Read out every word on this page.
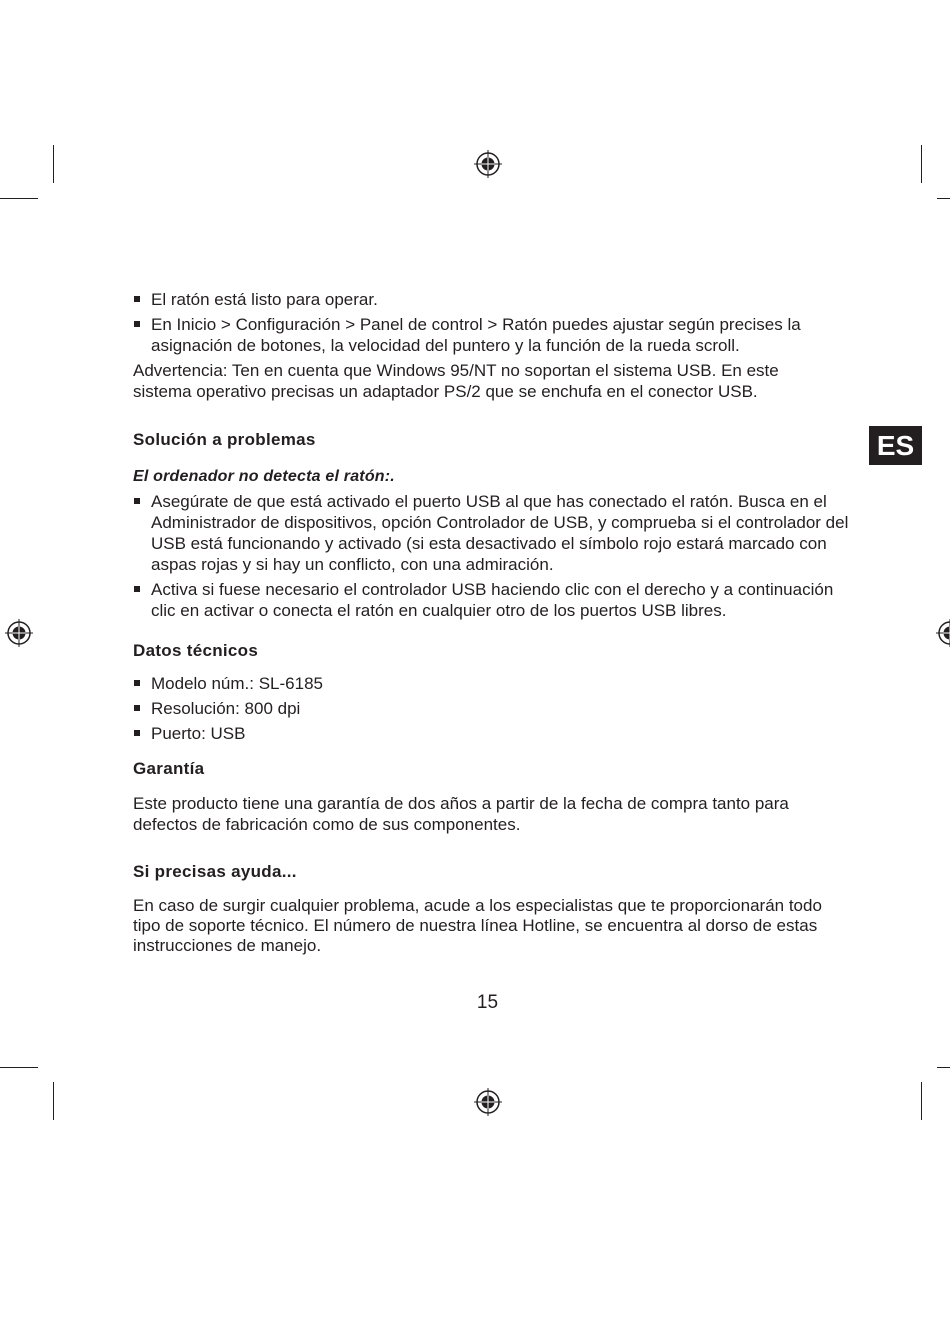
ES
El ratón está listo para operar.
En Inicio > Configuración > Panel de control > Ratón puedes ajustar según precises la asignación de botones, la velocidad del puntero y la función de la rueda scroll.
Advertencia: Ten en cuenta que Windows 95/NT no soportan el sistema USB. En este sistema operativo precisas un adaptador PS/2 que se enchufa en el conector USB.
Solución a problemas
El ordenador no detecta el ratón:.
Asegúrate de que está activado el puerto USB al que has conectado el ratón. Busca en el Administrador de dispositivos, opción Controlador de USB, y comprueba si el controlador del USB está funcionando y activado (si esta desactivado el símbolo rojo estará marcado con aspas rojas y si hay un conflicto, con una admiración.
Activa si fuese necesario el controlador USB haciendo clic con el derecho y a continuación clic en activar o conecta el ratón en cualquier otro de los puertos USB libres.
Datos técnicos
Modelo núm.: SL-6185
Resolución: 800 dpi
Puerto: USB
Garantía
Este producto tiene una garantía de dos años a partir de la fecha de compra tanto para defectos de fabricación como de sus componentes.
Si precisas ayuda...
En caso de surgir cualquier problema, acude a los especialistas que te proporcionarán todo tipo de soporte técnico. El número de nuestra línea Hotline, se encuentra al dorso de estas instrucciones de manejo.
15
